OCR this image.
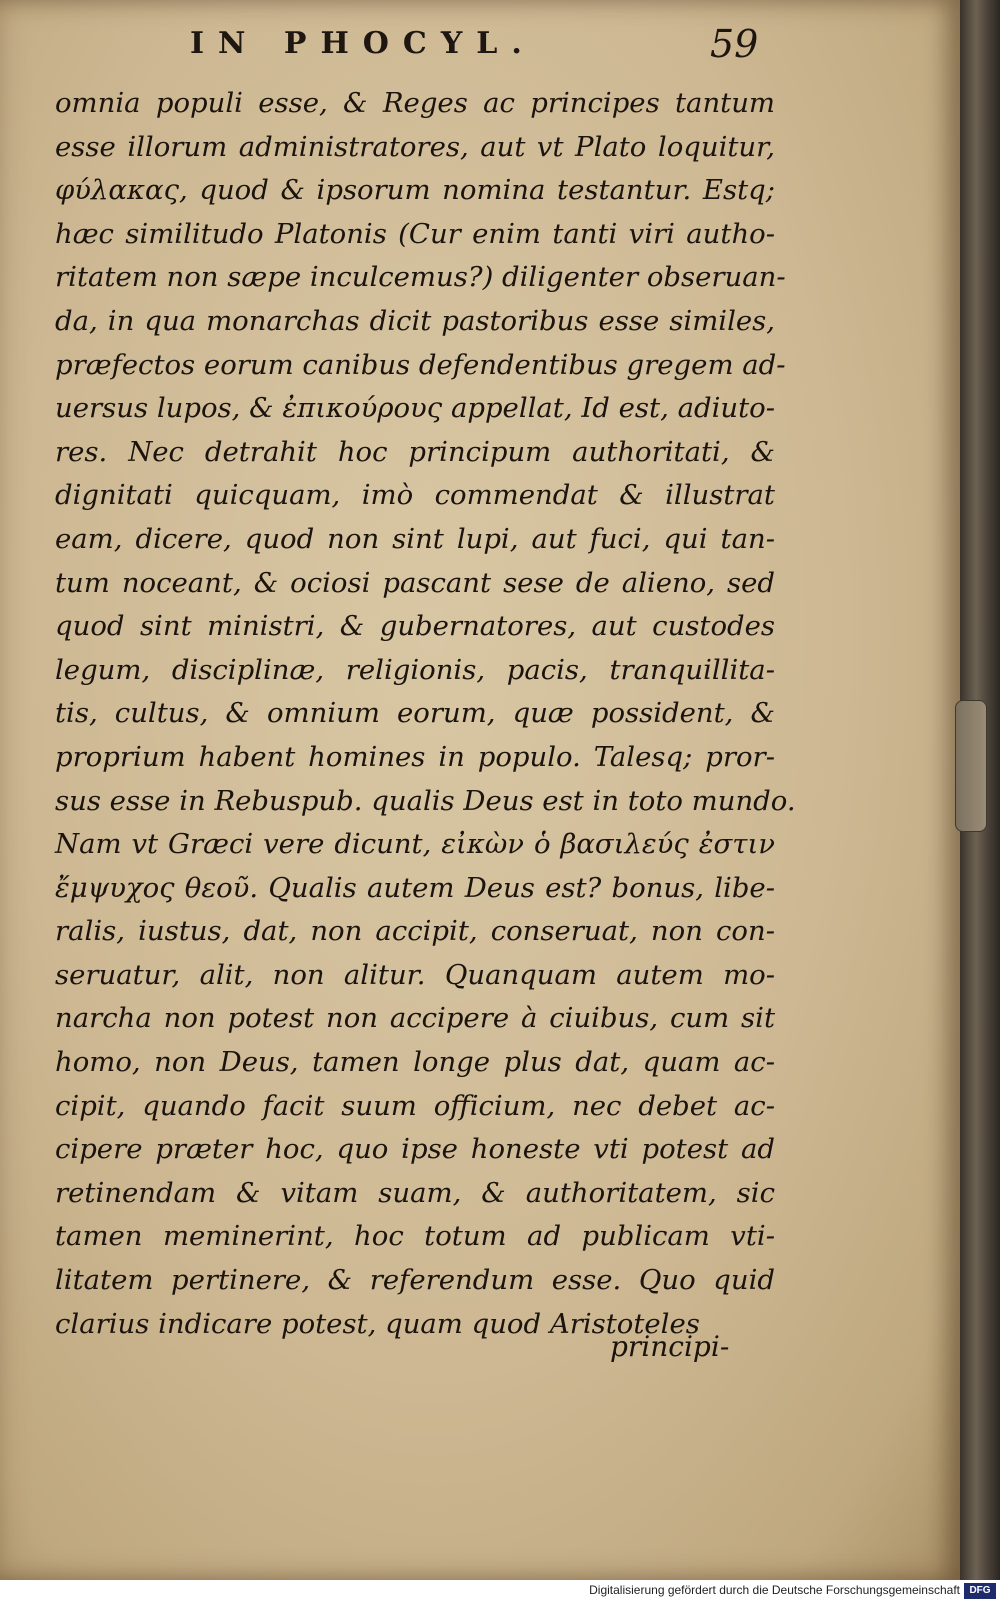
IN PHOCYL.	59
omnia populi esse, & Reges ac principes tantum
esse illorum administratores, aut vt Plato loquitur,
φύλακας, quod & ipsorum nomina testantur. Estq;
hæc similitudo Platonis (Cur enim tanti viri autho-
ritatem non sæpe inculcemus?) diligenter obseruan-
da, in qua monarchas dicit pastoribus esse similes,
præfectos eorum canibus defendentibus gregem ad-
uersus lupos, & ἐπικούρους appellat, Id est, adiuto-
res. Nec detrahit hoc principum authoritati, &
dignitati quicquam, imò commendat & illustrat
eam, dicere, quod non sint lupi, aut fuci, qui tan-
tum noceant, & ociosi pascant sese de alieno, sed
quod sint ministri, & gubernatores, aut custodes
legum, disciplinæ, religionis, pacis, tranquillita-
tis, cultus, & omnium eorum, quæ possident, &
proprium habent homines in populo. Talesq; pror-
sus esse in Rebuspub. qualis Deus est in toto mundo.
Nam vt Græci vere dicunt, εἰκὼν ὁ βασιλεύς ἐστιν
ἔμψυχος θεοῦ. Qualis autem Deus est? bonus, libe-
ralis, iustus, dat, non accipit, conseruat, non con-
seruatur, alit, non alitur. Quanquam autem mo-
narcha non potest non accipere à ciuibus, cum sit
homo, non Deus, tamen longe plus dat, quam ac-
cipit, quando facit suum officium, nec debet ac-
cipere præter hoc, quo ipse honeste vti potest ad
retinendam & vitam suam, & authoritatem, sic
tamen meminerint, hoc totum ad publicam vti-
litatem pertinere, & referendum esse. Quo quid
clarius indicare potest, quam quod Aristoteles
principi-
Digitalisierung gefördert durch die Deutsche Forschungsgemeinschaft DFG
